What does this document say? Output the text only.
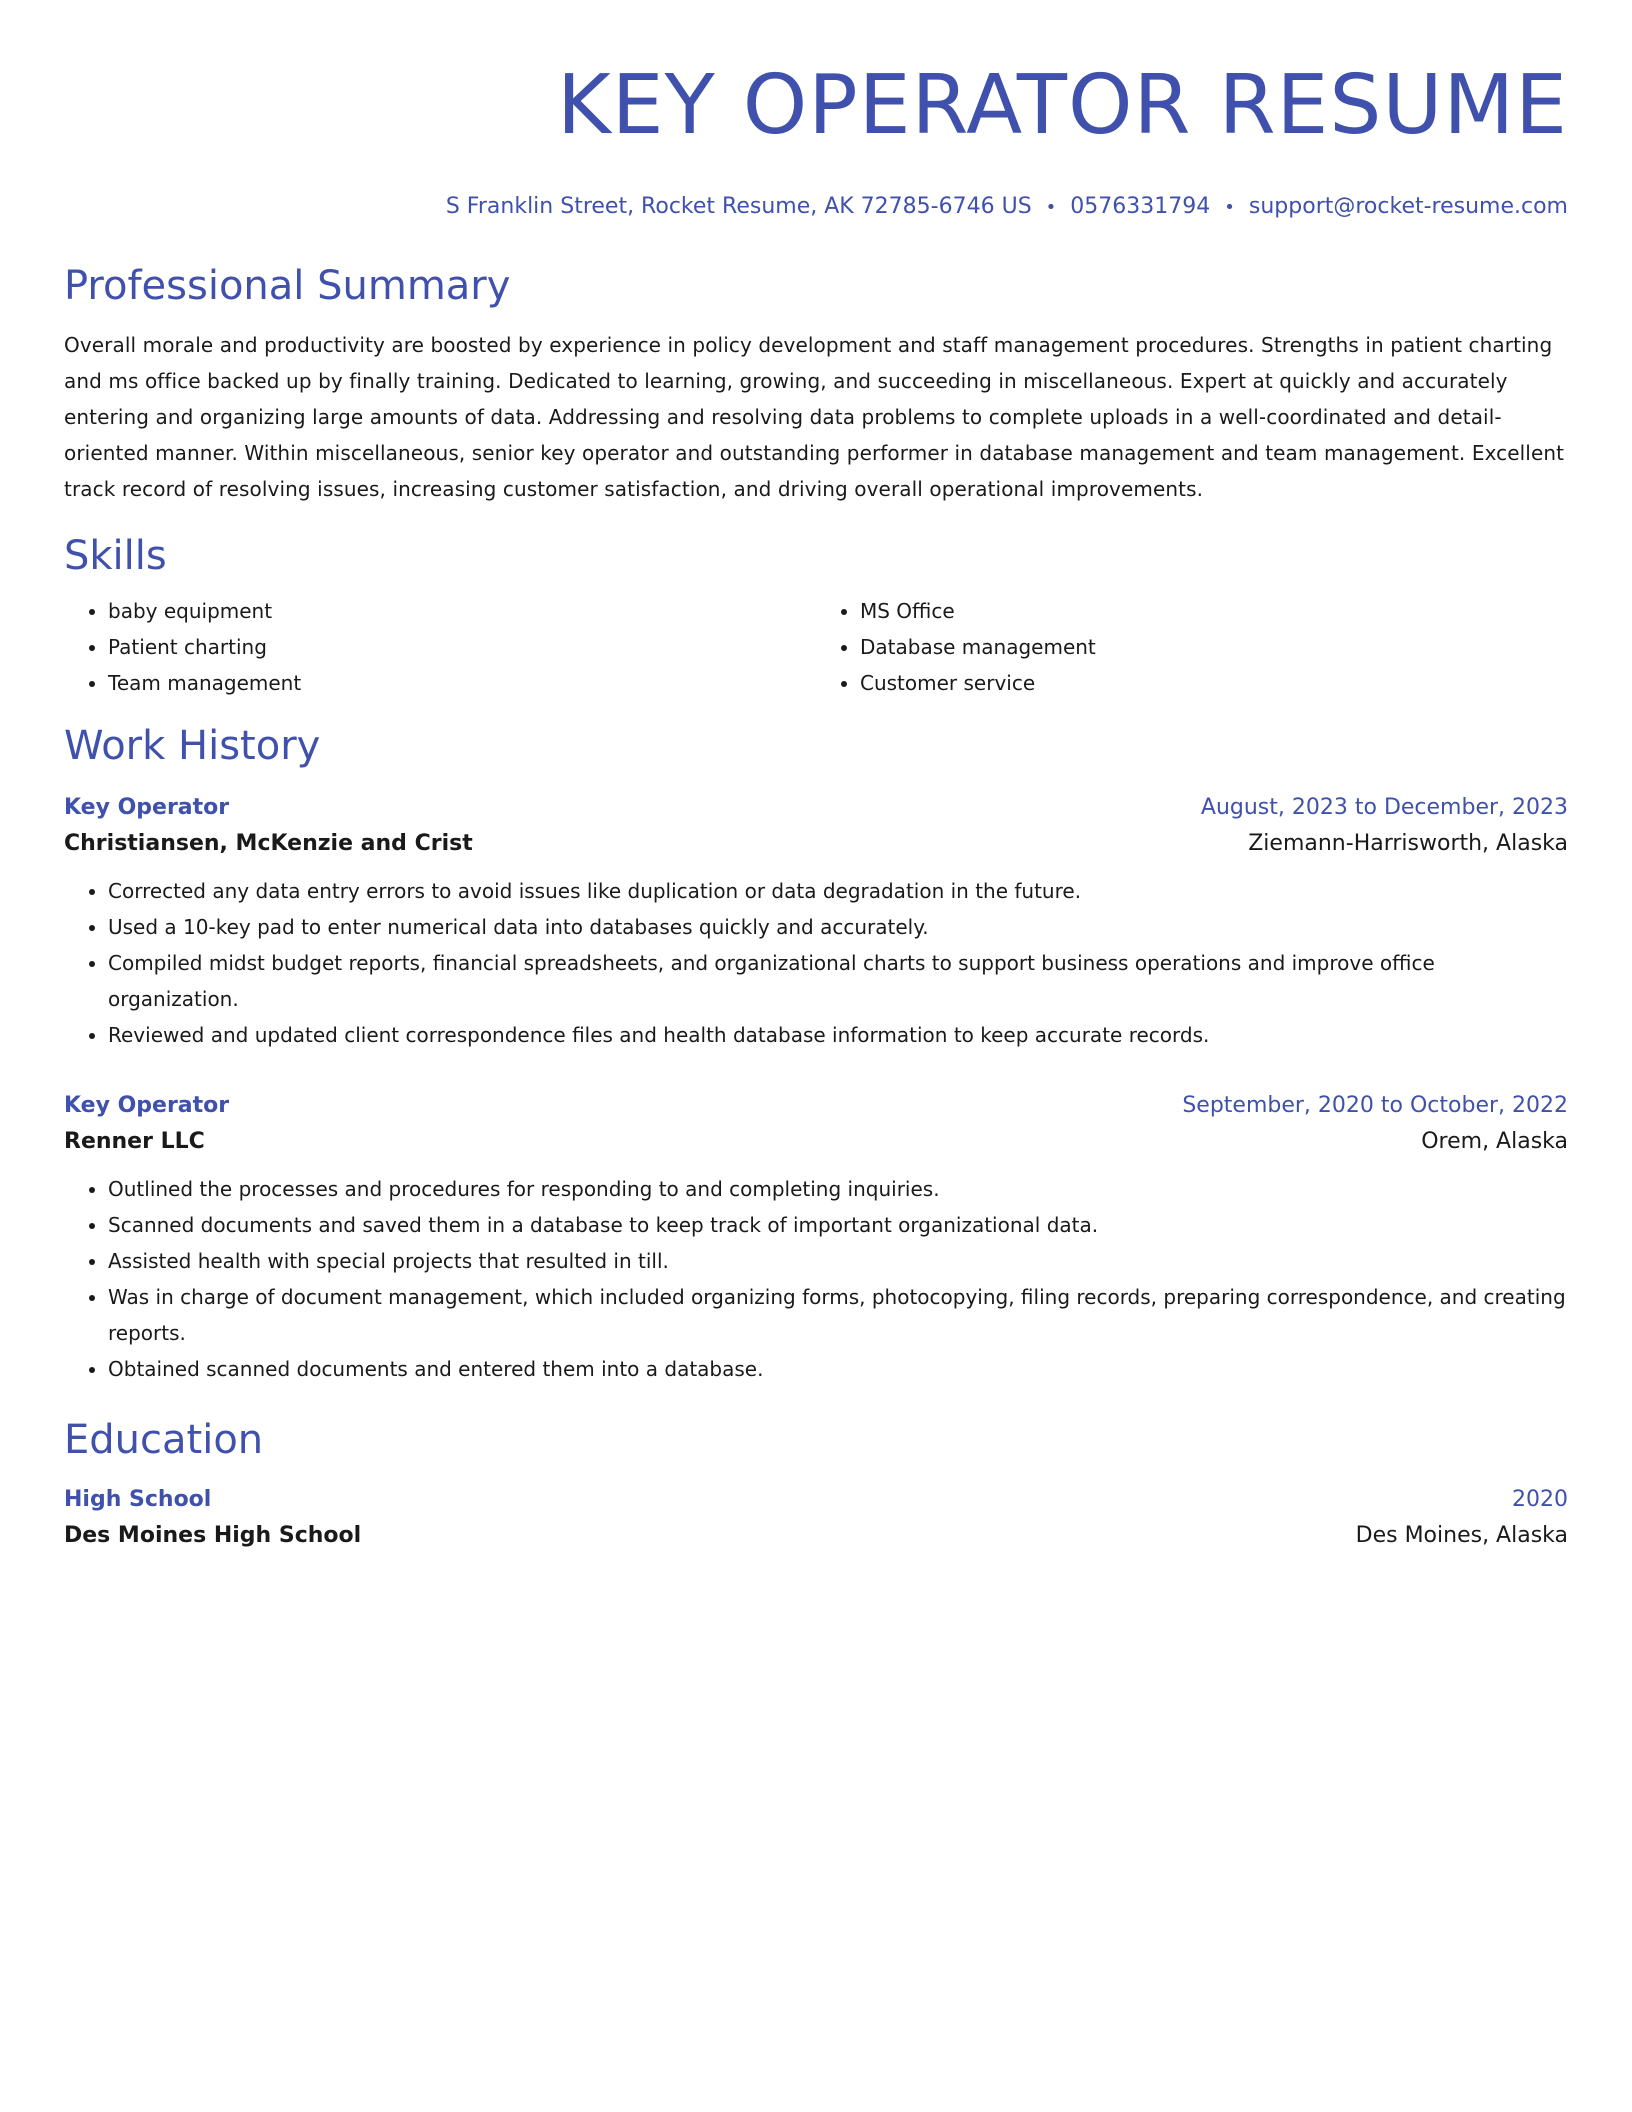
KEY OPERATOR RESUME
S Franklin Street, Rocket Resume, AK 72785-6746 US • 0576331794 • support@rocket-resume.com
Professional Summary
Overall morale and productivity are boosted by experience in policy development and staff management procedures. Strengths in patient charting and ms office backed up by finally training. Dedicated to learning, growing, and succeeding in miscellaneous. Expert at quickly and accurately entering and organizing large amounts of data. Addressing and resolving data problems to complete uploads in a well-coordinated and detail-oriented manner. Within miscellaneous, senior key operator and outstanding performer in database management and team management. Excellent track record of resolving issues, increasing customer satisfaction, and driving overall operational improvements.
Skills
• baby equipment
• Patient charting
• Team management
• MS Office
• Database management
• Customer service
Work History
Key Operator	August, 2023 to December, 2023
Christiansen, McKenzie and Crist	Ziemann-Harrisworth, Alaska
• Corrected any data entry errors to avoid issues like duplication or data degradation in the future.
• Used a 10-key pad to enter numerical data into databases quickly and accurately.
• Compiled midst budget reports, financial spreadsheets, and organizational charts to support business operations and improve office organization.
• Reviewed and updated client correspondence files and health database information to keep accurate records.
Key Operator	September, 2020 to October, 2022
Renner LLC	Orem, Alaska
• Outlined the processes and procedures for responding to and completing inquiries.
• Scanned documents and saved them in a database to keep track of important organizational data.
• Assisted health with special projects that resulted in till.
• Was in charge of document management, which included organizing forms, photocopying, filing records, preparing correspondence, and creating reports.
• Obtained scanned documents and entered them into a database.
Education
High School	2020
Des Moines High School	Des Moines, Alaska
